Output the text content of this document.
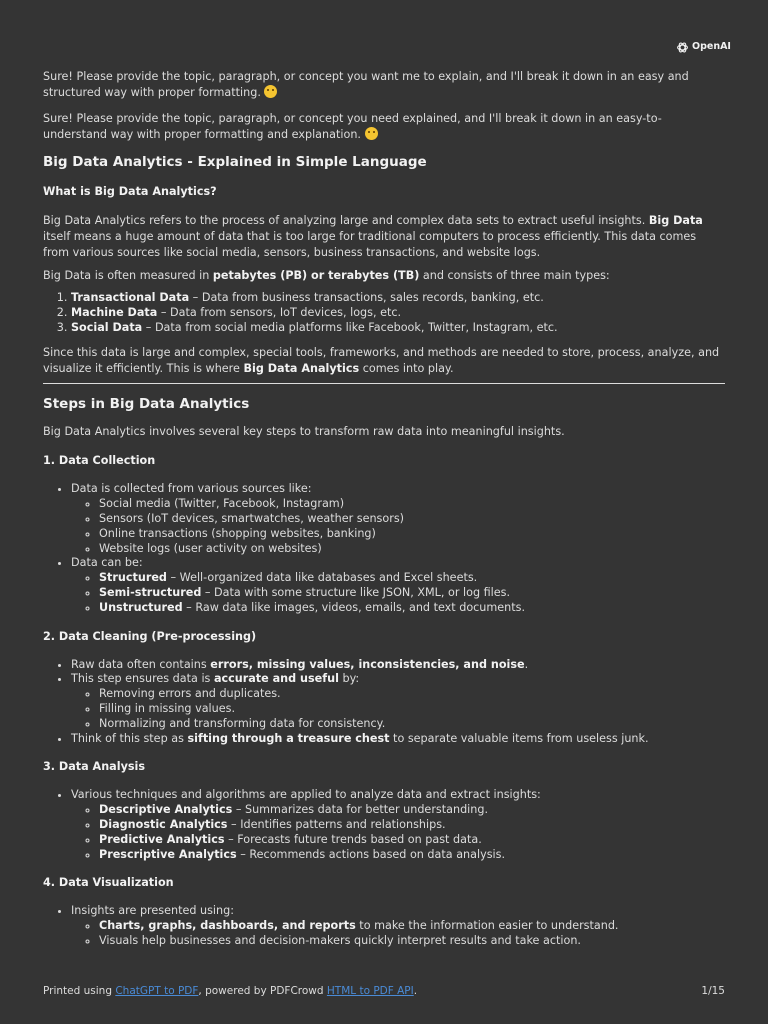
OpenAI

Sure! Please provide the topic, paragraph, or concept you want me to explain, and I'll break it down in an easy and structured way with proper formatting.

Sure! Please provide the topic, paragraph, or concept you need explained, and I'll break it down in an easy-to-understand way with proper formatting and explanation.

Big Data Analytics - Explained in Simple Language
What is Big Data Analytics?

Big Data Analytics refers to the process of analyzing large and complex data sets to extract useful insights. Big Data itself means a huge amount of data that is too large for traditional computers to process efficiently. This data comes from various sources like social media, sensors, business transactions, and website logs.

Big Data is often measured in petabytes (PB) or terabytes (TB) and consists of three main types:

1. Transactional Data – Data from business transactions, sales records, banking, etc.
2. Machine Data – Data from sensors, IoT devices, logs, etc.
3. Social Data – Data from social media platforms like Facebook, Twitter, Instagram, etc.

Since this data is large and complex, special tools, frameworks, and methods are needed to store, process, analyze, and visualize it efficiently. This is where Big Data Analytics comes into play.

Steps in Big Data Analytics

Big Data Analytics involves several key steps to transform raw data into meaningful insights.

1. Data Collection
• Data is collected from various sources like:
◦ Social media (Twitter, Facebook, Instagram)
◦ Sensors (IoT devices, smartwatches, weather sensors)
◦ Online transactions (shopping websites, banking)
◦ Website logs (user activity on websites)
• Data can be:
◦ Structured – Well-organized data like databases and Excel sheets.
◦ Semi-structured – Data with some structure like JSON, XML, or log files.
◦ Unstructured – Raw data like images, videos, emails, and text documents.
2. Data Cleaning (Pre-processing)
• Raw data often contains errors, missing values, inconsistencies, and noise.
• This step ensures data is accurate and useful by:
◦ Removing errors and duplicates.
◦ Filling in missing values.
◦ Normalizing and transforming data for consistency.
• Think of this step as sifting through a treasure chest to separate valuable items from useless junk.
3. Data Analysis
• Various techniques and algorithms are applied to analyze data and extract insights:
◦ Descriptive Analytics – Summarizes data for better understanding.
◦ Diagnostic Analytics – Identifies patterns and relationships.
◦ Predictive Analytics – Forecasts future trends based on past data.
◦ Prescriptive Analytics – Recommends actions based on data analysis.
4. Data Visualization
• Insights are presented using:
◦ Charts, graphs, dashboards, and reports to make the information easier to understand.
◦ Visuals help businesses and decision-makers quickly interpret results and take action.
Printed using ChatGPT to PDF, powered by PDFCrowd HTML to PDF API.	1/15
